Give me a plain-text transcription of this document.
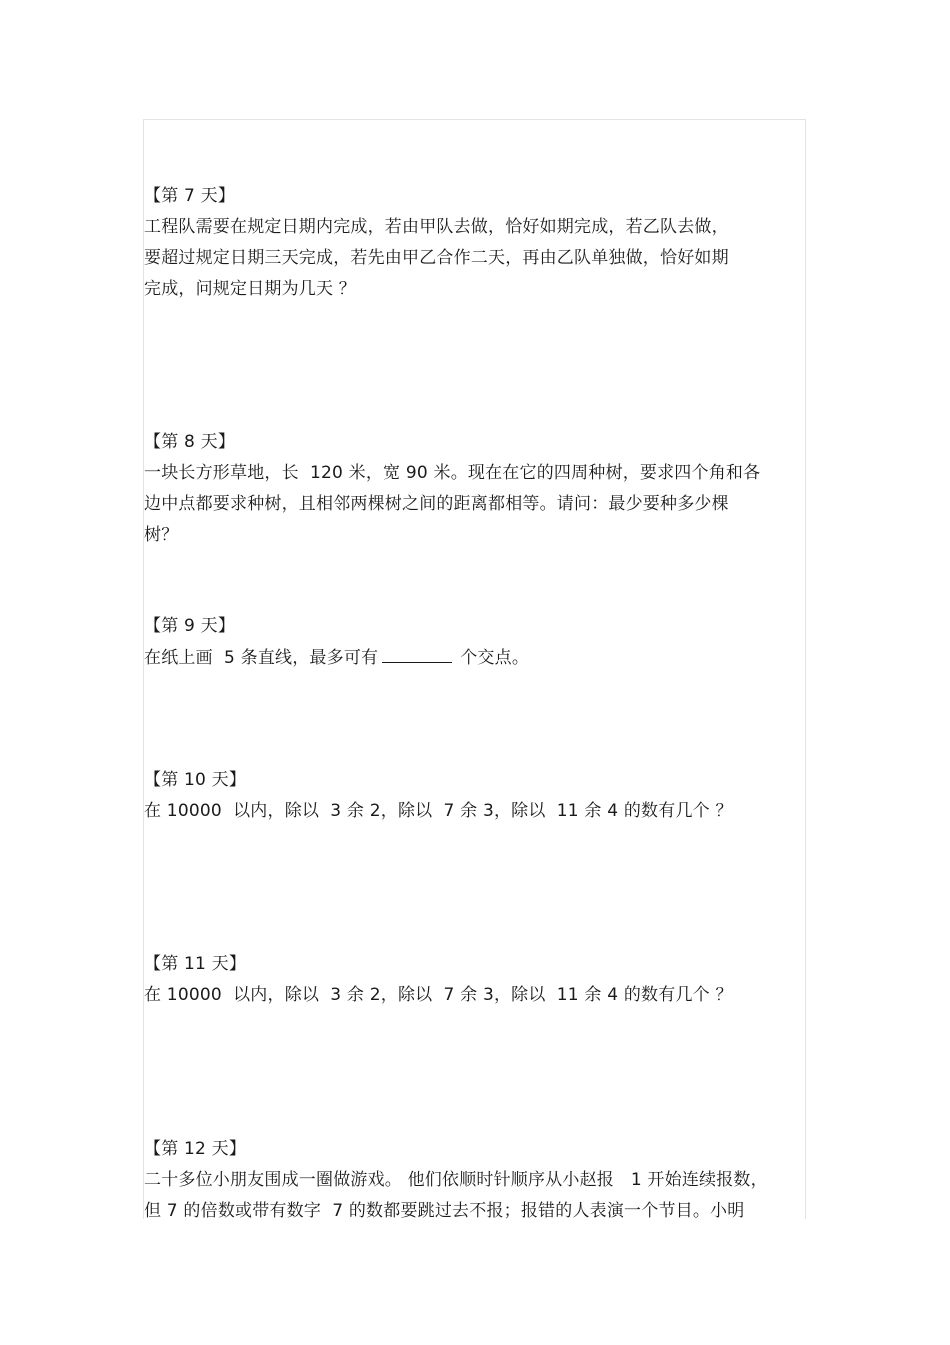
【第 7 天】
工程队需要在规定日期内完成，若由甲队去做，恰好如期完成，若乙队去做，
要超过规定日期三天完成，若先由甲乙合作二天，再由乙队单独做，恰好如期
完成，问规定日期为几天 ？
【第 8 天】
一块长方形草地，长  120 米，宽 90 米。现在在它的四周种树，要求四个角和各
边中点都要求种树，且相邻两棵树之间的距离都相等。请问：最少要种多少棵
树？
【第 9 天】
在纸上画  5 条直线，最多可有	个交点。
【第 10 天】
在 10000  以内，除以  3 余 2，除以  7 余 3，除以  11 余 4 的数有几个 ？
【第 11 天】
在 10000  以内，除以  3 余 2，除以  7 余 3，除以  11 余 4 的数有几个 ？
【第 12 天】
二十多位小朋友围成一圈做游戏。 他们依顺时针顺序从小赵报   1 开始连续报数，
但 7 的倍数或带有数字  7 的数都要跳过去不报；报错的人表演一个节目。小明
